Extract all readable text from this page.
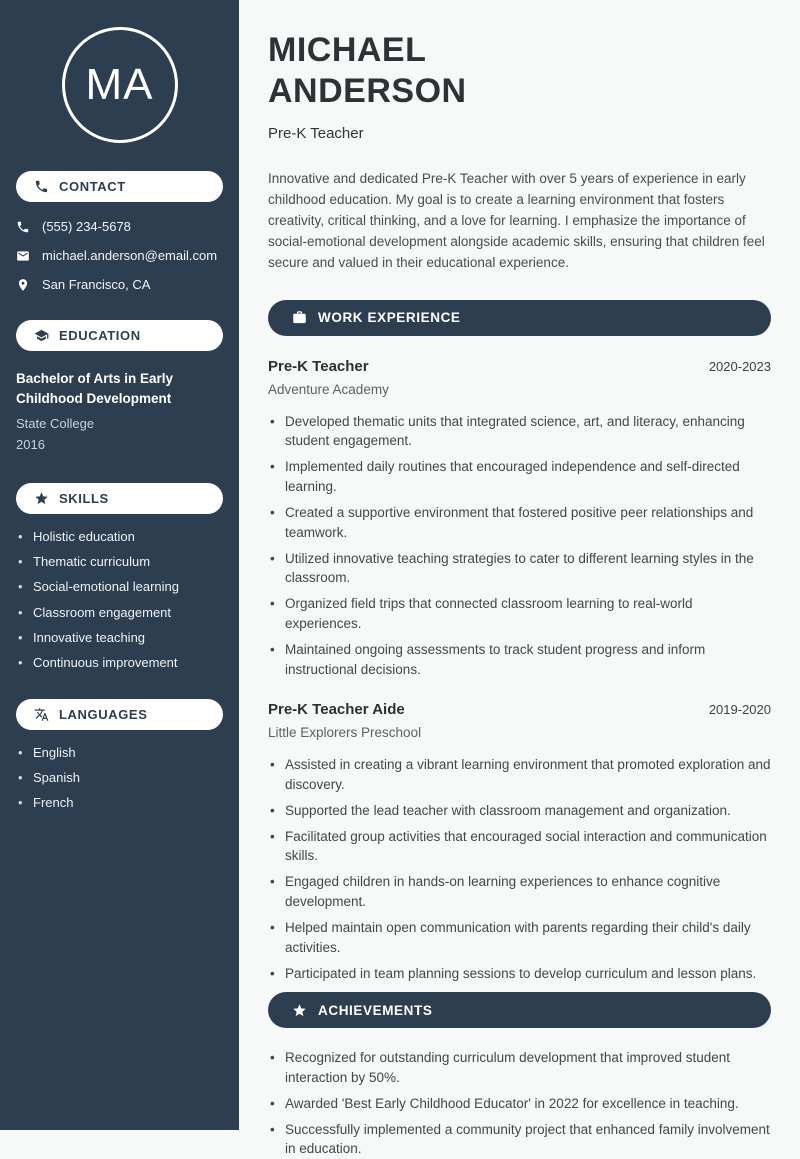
MA
CONTACT
(555) 234-5678
michael.anderson@email.com
San Francisco, CA
EDUCATION
Bachelor of Arts in Early Childhood Development
State College
2016
SKILLS
• Holistic education
• Thematic curriculum
• Social-emotional learning
• Classroom engagement
• Innovative teaching
• Continuous improvement
LANGUAGES
• English
• Spanish
• French
MICHAEL
ANDERSON
Pre-K Teacher

Innovative and dedicated Pre-K Teacher with over 5 years of experience in early childhood education. My goal is to create a learning environment that fosters creativity, critical thinking, and a love for learning. I emphasize the importance of social-emotional development alongside academic skills, ensuring that children feel secure and valued in their educational experience.

WORK EXPERIENCE
Pre-K Teacher	2020-2023
Adventure Academy
• Developed thematic units that integrated science, art, and literacy, enhancing student engagement.
• Implemented daily routines that encouraged independence and self-directed learning.
• Created a supportive environment that fostered positive peer relationships and teamwork.
• Utilized innovative teaching strategies to cater to different learning styles in the classroom.
• Organized field trips that connected classroom learning to real-world experiences.
• Maintained ongoing assessments to track student progress and inform instructional decisions.
Pre-K Teacher Aide	2019-2020
Little Explorers Preschool
• Assisted in creating a vibrant learning environment that promoted exploration and discovery.
• Supported the lead teacher with classroom management and organization.
• Facilitated group activities that encouraged social interaction and communication skills.
• Engaged children in hands-on learning experiences to enhance cognitive development.
• Helped maintain open communication with parents regarding their child's daily activities.
• Participated in team planning sessions to develop curriculum and lesson plans.
ACHIEVEMENTS
• Recognized for outstanding curriculum development that improved student interaction by 50%.
• Awarded 'Best Early Childhood Educator' in 2022 for excellence in teaching.
• Successfully implemented a community project that enhanced family involvement in education.
